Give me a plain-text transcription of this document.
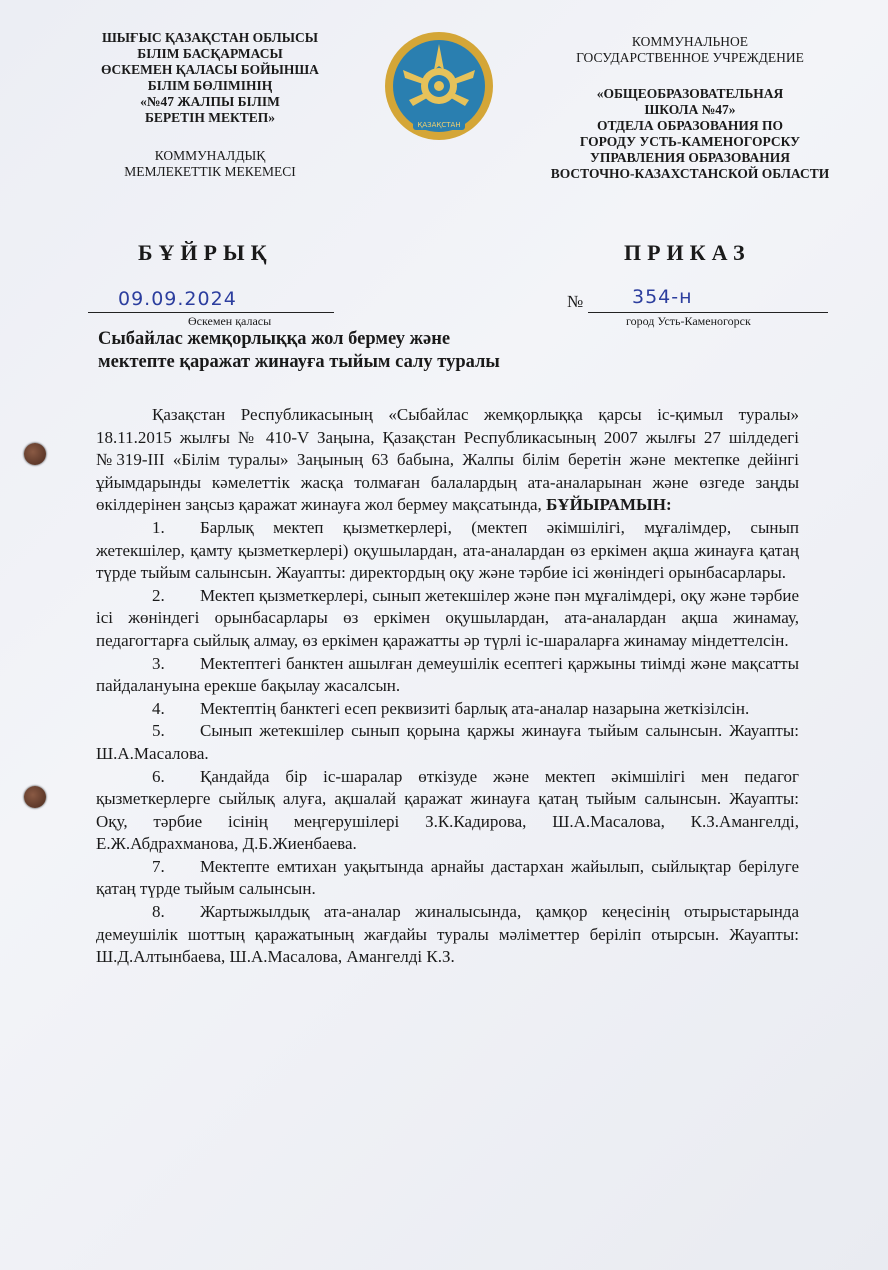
ШЫҒЫС ҚАЗАҚСТАН ОБЛЫСЫ
БІЛІМ БАСҚАРМАСЫ
ӨСКЕМЕН ҚАЛАСЫ БОЙЫНША
БІЛІМ БӨЛІМІНІҢ
«№47 ЖАЛПЫ БІЛІМ
БЕРЕТІН МЕКТЕП»
КОММУНАЛДЫҚ
МЕМЛЕКЕТТІК МЕКЕМЕСІ
ҚАЗАҚСТАН
КОММУНАЛЬНОЕ
ГОСУДАРСТВЕННОЕ УЧРЕЖДЕНИЕ
«ОБЩЕОБРАЗОВАТЕЛЬНАЯ
ШКОЛА №47»
ОТДЕЛА ОБРАЗОВАНИЯ ПО
ГОРОДУ УСТЬ-КАМЕНОГОРСКУ
УПРАВЛЕНИЯ ОБРАЗОВАНИЯ
ВОСТОЧНО-КАЗАХСТАНСКОЙ ОБЛАСТИ
БҰЙРЫҚ	ПРИКАЗ
09.09.2024
Өскемен қаласы
№	354-н
город Усть-Каменогорск
Сыбайлас жемқорлыққа жол бермеу және
мектепте қаражат жинауға тыйым салу туралы

Қазақстан Республикасының «Сыбайлас жемқорлыққа қарсы іс-қимыл туралы» 18.11.2015 жылғы № 410-V Заңына, Қазақстан Республикасының 2007 жылғы 27 шілдедегі №319-III «Білім туралы» Заңының 63 бабына, Жалпы білім беретін және мектепке дейінгі ұйымдарынды кәмелеттік жасқа толмаған балалардың ата-аналарынан және өзгеде заңды өкілдерінен заңсыз қаражат жинауға жол бермеу мақсатында, БҰЙЫРАМЫН:

1. Барлық мектеп қызметкерлері, (мектеп әкімшілігі, мұғалімдер, сынып жетекшілер, қамту қызметкерлері) оқушылардан, ата-аналардан өз еркімен ақша жинауға қатаң түрде тыйым салынсын. Жауапты: директордың оқу және тәрбие ісі жөніндегі орынбасарлары.

2. Мектеп қызметкерлері, сынып жетекшілер және пән мұғалімдері, оқу және тәрбие ісі жөніндегі орынбасарлары өз еркімен оқушылардан, ата-аналардан ақша жинамау, педагогтарға сыйлық алмау, өз еркімен қаражатты әр түрлі іс-шараларға жинамау міндеттелсін.

3. Мектептегі банктен ашылған демеушілік есептегі қаржыны тиімді және мақсатты пайдалануына ерекше бақылау жасалсын.

4. Мектептің банктегі есеп реквизиті барлық ата-аналар назарына жеткізілсін.

5. Сынып жетекшілер сынып қорына қаржы жинауға тыйым салынсын. Жауапты: Ш.А.Масалова.

6. Қандайда бір іс-шаралар өткізуде және мектеп әкімшілігі мен педагог қызметкерлерге сыйлық алуға, ақшалай қаражат жинауға қатаң тыйым салынсын. Жауапты: Оқу, тәрбие ісінің меңгерушілері З.К.Кадирова, Ш.А.Масалова, К.З.Амангелді, Е.Ж.Абдрахманова, Д.Б.Жиенбаева.

7. Мектепте емтихан уақытында арнайы дастархан жайылып, сыйлықтар берілуге қатаң түрде тыйым салынсын.

8. Жартыжылдық ата-аналар жиналысында, қамқор кеңесінің отырыстарында демеушілік шоттың қаражатының жағдайы туралы мәліметтер беріліп отырсын. Жауапты: Ш.Д.Алтынбаева, Ш.А.Масалова, Амангелді К.З.
